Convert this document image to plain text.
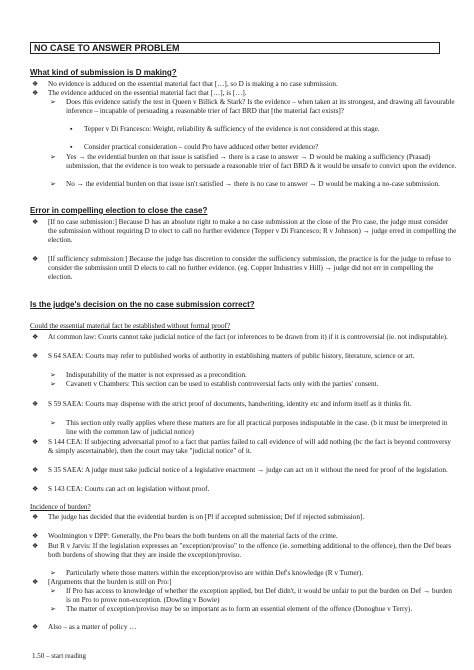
NO CASE TO ANSWER PROBLEM
What kind of submission is D making?
❖ No evidence is adduced on the essential material fact that […], so D is making a no case submission.
❖ The evidence adduced on the essential material fact that […], is […].
➢ Does this evidence satisfy the test in Queen v Billick & Stark? Is the evidence – when taken at its strongest, and drawing all favourable inference – incapable of persuading a reasonable trier of fact BRD that [the material fact exists]?
▪ Tepper v Di Francesco: Weight, reliability & sufficiency of the evidence is not considered at this stage.
▪ Consider practical consideration – could Pro have adduced other better evidence?
➢ Yes → the evidential burden on that issue is satisfied → there is a case to answer → D would be making a sufficiency (Prasad) submission, that the evidence is too weak to persuade a reasonable trier of fact BRD & it would be unsafe to convict upon the evidence.
➢ No → the evidential burden on that issue isn't satisfied → there is no case to answer → D would be making a no-case submission.
Error in compelling election to close the case?
❖ [If no case submission:] Because D has an absolute right to make a no case submission at the close of the Pro case, the judge must consider the submission without requiring D to elect to call no further evidence (Tepper v Di Francesco; R v Johnson) → judge erred in compelling the election.
❖ [If sufficiency submission:] Because the judge has discretion to consider the sufficiency submission, the practice is for the judge to refuse to consider the submission until D elects to call no further evidence. (eg. Copper Industries v Hill) → judge did not err in compelling the election.
Is the judge's decision on the no case submission correct?
Could the essential material fact be established without formal proof?
❖ At common law: Courts cannot take judicial notice of the fact (or inferences to be drawn from it) if it is controversial (ie. not indisputable).
❖ S 64 SAEA: Courts may refer to published works of authority in establishing matters of public history, literature, science or art.
➢ Indisputability of the matter is not expressed as a precondition.
➢ Cavanett v Chambers: This section can be used to establish controversial facts only with the parties' consent.
❖ S 59 SAEA: Courts may dispense with the strict proof of documents, handwriting, identity etc and inform itself as it thinks fit.
➢ This section only really applies where these matters are for all practical purposes indisputable in the case. (b it must be interpreted in line with the common law of judicial notice)
❖ S 144 CEA: If subjecting adversarial proof to a fact that parties failed to call evidence of will add nothing (bc the fact is beyond controversy & simply ascertainable), then the court may take "judicial notice" of it.
❖ S 35 SAEA: A judge must take judicial notice of a legislative enactment → judge can act on it without the need for proof of the legislation.
❖ S 143 CEA: Courts can act on legislation without proof.
Incidence of burden?
❖ The judge has decided that the evidential burden is on [Pl if accepted submission; Def if rejected submission].
❖ Woolmington v DPP: Generally, the Pro bears the both burdens on all the material facts of the crime.
❖ But R v Jarvis: If the legislation expresses an "exception/proviso" to the offence (ie. something additional to the offence), then the Def bears both burdens of showing that they are inside the exception/proviso.
➢ Particularly where those matters within the exception/proviso are within Def's knowledge (R v Turner).
❖ [Arguments that the burden is still on Pro:]
➢ If Pro has access to knowledge of whether the exception applied, but Def didn't, it would be unfair to put the burden on Def → burden is on Pro to prove non-exception. (Dowling v Bowie)
➢ The matter of exception/proviso may be so important as to form an essential element of the offence (Donoghue v Terry).
❖ Also – as a matter of policy …
1.50 – start reading
